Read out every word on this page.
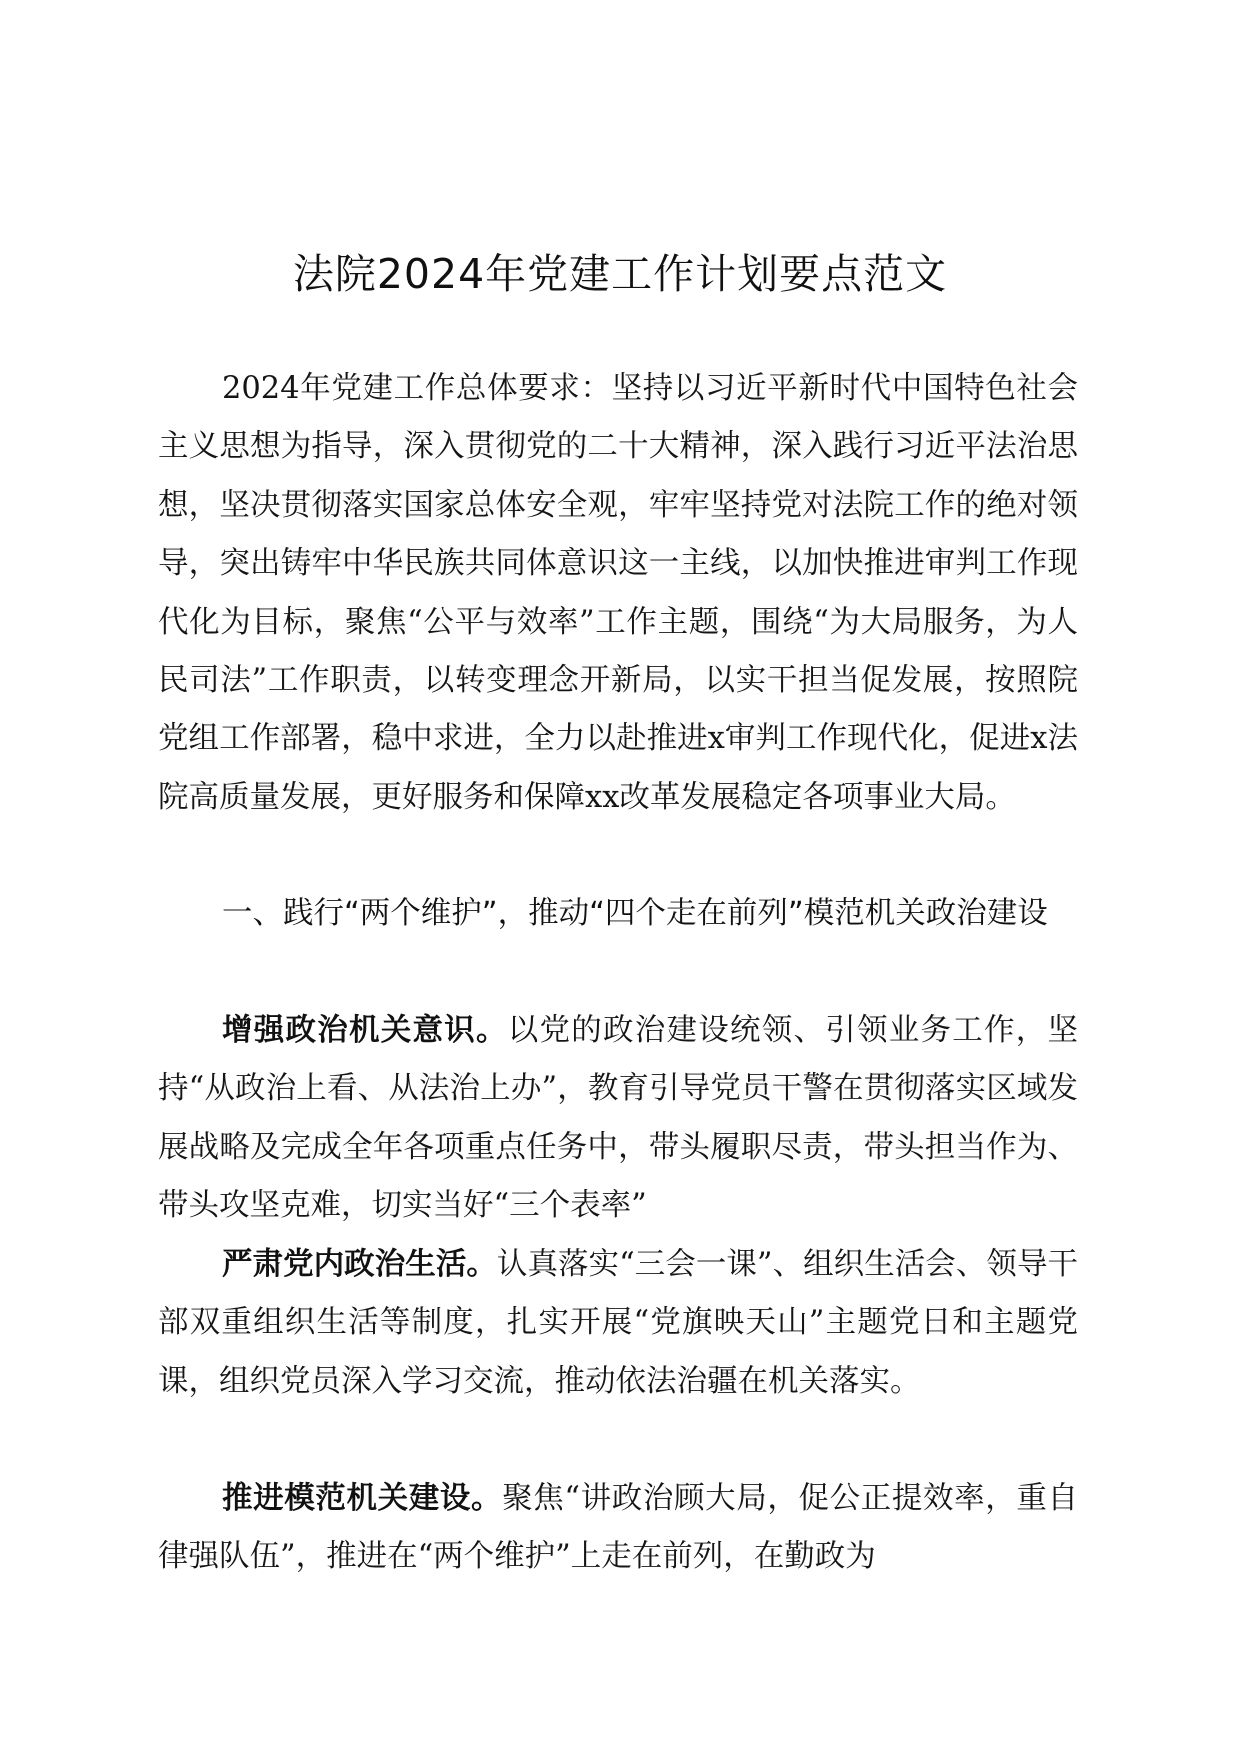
法院2024年党建工作计划要点范文

2024年党建工作总体要求：坚持以习近平新时代中国特色社会主义思想为指导，深入贯彻党的二十大精神，深入践行习近平法治思想，坚决贯彻落实国家总体安全观，牢牢坚持党对法院工作的绝对领导，突出铸牢中华民族共同体意识这一主线，以加快推进审判工作现代化为目标，聚焦“公平与效率”工作主题，围绕“为大局服务，为人民司法”工作职责，以转变理念开新局，以实干担当促发展，按照院党组工作部署，稳中求进，全力以赴推进x审判工作现代化，促进x法院高质量发展，更好服务和保障xx改革发展稳定各项事业大局。

一、践行“两个维护”，推动“四个走在前列”模范机关政治建设

增强政治机关意识。以党的政治建设统领、引领业务工作，坚持“从政治上看、从法治上办”，教育引导党员干警在贯彻落实区域发展战略及完成全年各项重点任务中，带头履职尽责，带头担当作为、带头攻坚克难，切实当好“三个表率”

严肃党内政治生活。认真落实“三会一课”、组织生活会、领导干部双重组织生活等制度，扎实开展“党旗映天山”主题党日和主题党课，组织党员深入学习交流，推动依法治疆在机关落实。

推进模范机关建设。聚焦“讲政治顾大局，促公正提效率，重自律强队伍”，推进在“两个维护”上走在前列，在勤政为
